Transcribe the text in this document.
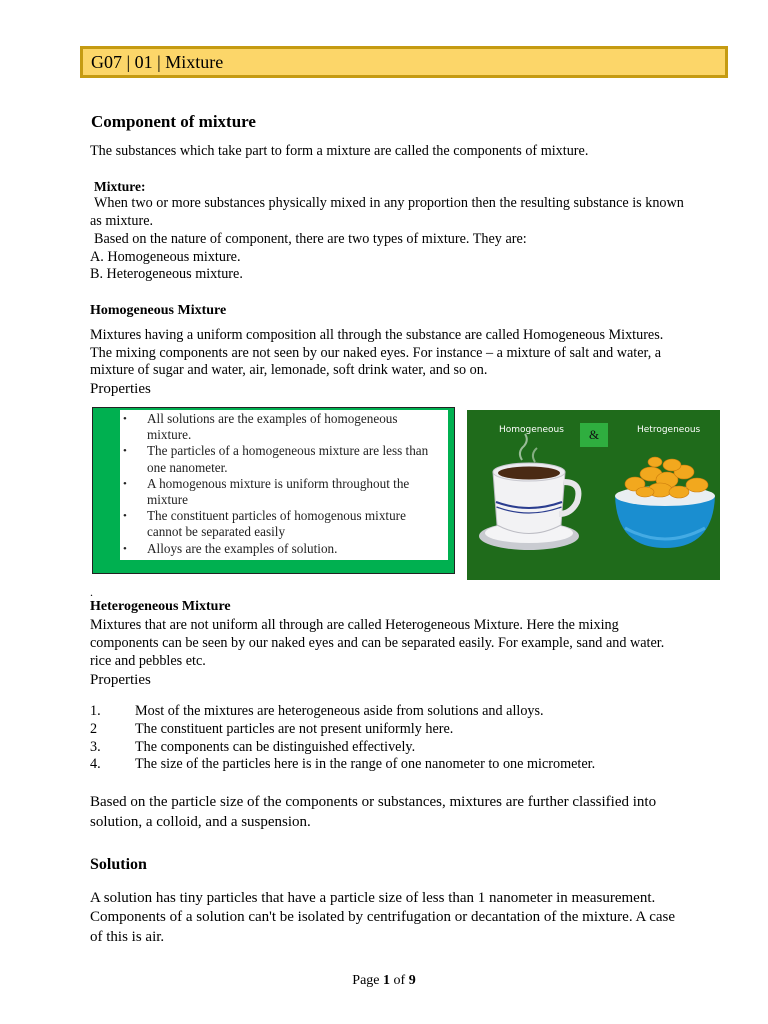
G07 | 01 | Mixture
Component of mixture
The substances which take part to form a mixture are called the components of mixture.
Mixture:
When two or more substances physically mixed in any proportion then the resulting substance is known
as mixture.
Based on the nature of component, there are two types of mixture. They are:
A. Homogeneous mixture.
B. Heterogeneous mixture.
Homogeneous Mixture
Mixtures having a uniform composition all through the substance are called Homogeneous Mixtures.
The mixing components are not seen by our naked eyes. For instance – a mixture of salt and water, a
mixture of sugar and water, air, lemonade, soft drink water, and so on.
Properties
• All solutions are the examples of homogeneous
mixture.
• The particles of a homogeneous mixture are less than
one nanometer.
• A homogenous mixture is uniform throughout the
mixture
• The constituent particles of homogenous mixture
cannot be separated easily
• Alloys are the examples of solution.
Homogeneous	&	Hetrogeneous
.
Heterogeneous Mixture
Mixtures that are not uniform all through are called Heterogeneous Mixture. Here the mixing
components can be seen by our naked eyes and can be separated easily. For example, sand and water.
rice and pebbles etc.
Properties
1. Most of the mixtures are heterogeneous aside from solutions and alloys.
2	The constituent particles are not present uniformly here.
3. The components can be distinguished effectively.
4. The size of the particles here is in the range of one nanometer to one micrometer.
Based on the particle size of the components or substances, mixtures are further classified into
solution, a colloid, and a suspension.
Solution
A solution has tiny particles that have a particle size of less than 1 nanometer in measurement.
Components of a solution can't be isolated by centrifugation or decantation of the mixture. A case
of this is air.
Page 1 of 9
